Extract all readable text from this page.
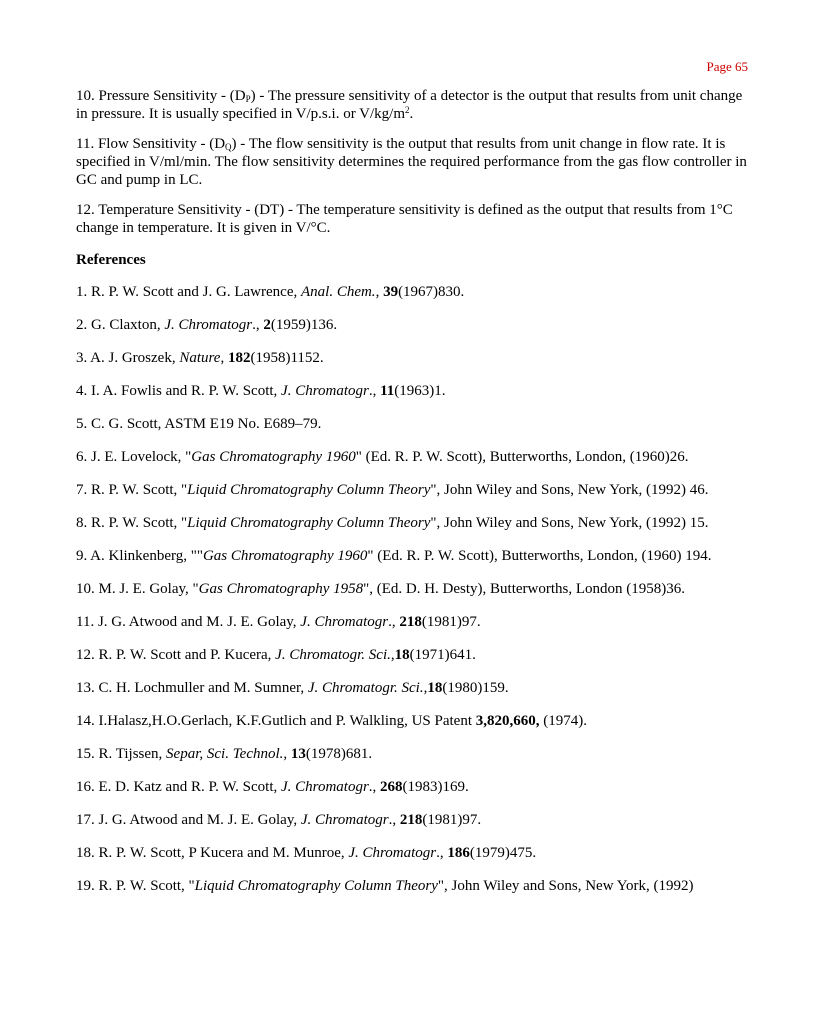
Page 65

10. Pressure Sensitivity - $(D_P)$ - The pressure sensitivity of a detector is the output that results from unit change in pressure. It is usually specified in V/p.s.i. or $V/kg/m^2$.

11. Flow Sensitivity - $(D_Q)$ - The flow sensitivity is the output that results from unit change in flow rate. It is specified in V/ml/min. The flow sensitivity determines the required performance from the gas flow controller in GC and pump in LC.

12. Temperature Sensitivity - (DT) - The temperature sensitivity is defined as the output that results from 1°C change in temperature. It is given in V/°C.

References

1. R. P. W. Scott and J. G. Lawrence, Anal. Chem., 39(1967)830.

2. G. Claxton, J. Chromatogr., 2(1959)136.

3. A. J. Groszek, Nature, 182(1958)1152.

4. I. A. Fowlis and R. P. W. Scott, J. Chromatogr., 11(1963)1.

5. C. G. Scott, ASTM E19 No. E689–79.

6. J. E. Lovelock, "Gas Chromatography 1960" (Ed. R. P. W. Scott), Butterworths, London, (1960)26.

7. R. P. W. Scott, "Liquid Chromatography Column Theory", John Wiley and Sons, New York, (1992) 46.

8. R. P. W. Scott, "Liquid Chromatography Column Theory", John Wiley and Sons, New York, (1992) 15.

9. A. Klinkenberg, ""Gas Chromatography 1960" (Ed. R. P. W. Scott), Butterworths, London, (1960) 194.

10. M. J. E. Golay, "Gas Chromatography 1958", (Ed. D. H. Desty), Butterworths, London (1958)36.

11. J. G. Atwood and M. J. E. Golay, J. Chromatogr., 218(1981)97.

12. R. P. W. Scott and P. Kucera, J. Chromatogr. Sci.,18(1971)641.

13. C. H. Lochmuller and M. Sumner, J. Chromatogr. Sci.,18(1980)159.

14. I.Halasz,H.O.Gerlach, K.F.Gutlich and P. Walkling, US Patent 3,820,660, (1974).

15. R. Tijssen, Separ, Sci. Technol., 13(1978)681.

16. E. D. Katz and R. P. W. Scott, J. Chromatogr., 268(1983)169.

17. J. G. Atwood and M. J. E. Golay, J. Chromatogr., 218(1981)97.

18. R. P. W. Scott, P Kucera and M. Munroe, J. Chromatogr., 186(1979)475.

19. R. P. W. Scott, "Liquid Chromatography Column Theory", John Wiley and Sons, New York, (1992)
